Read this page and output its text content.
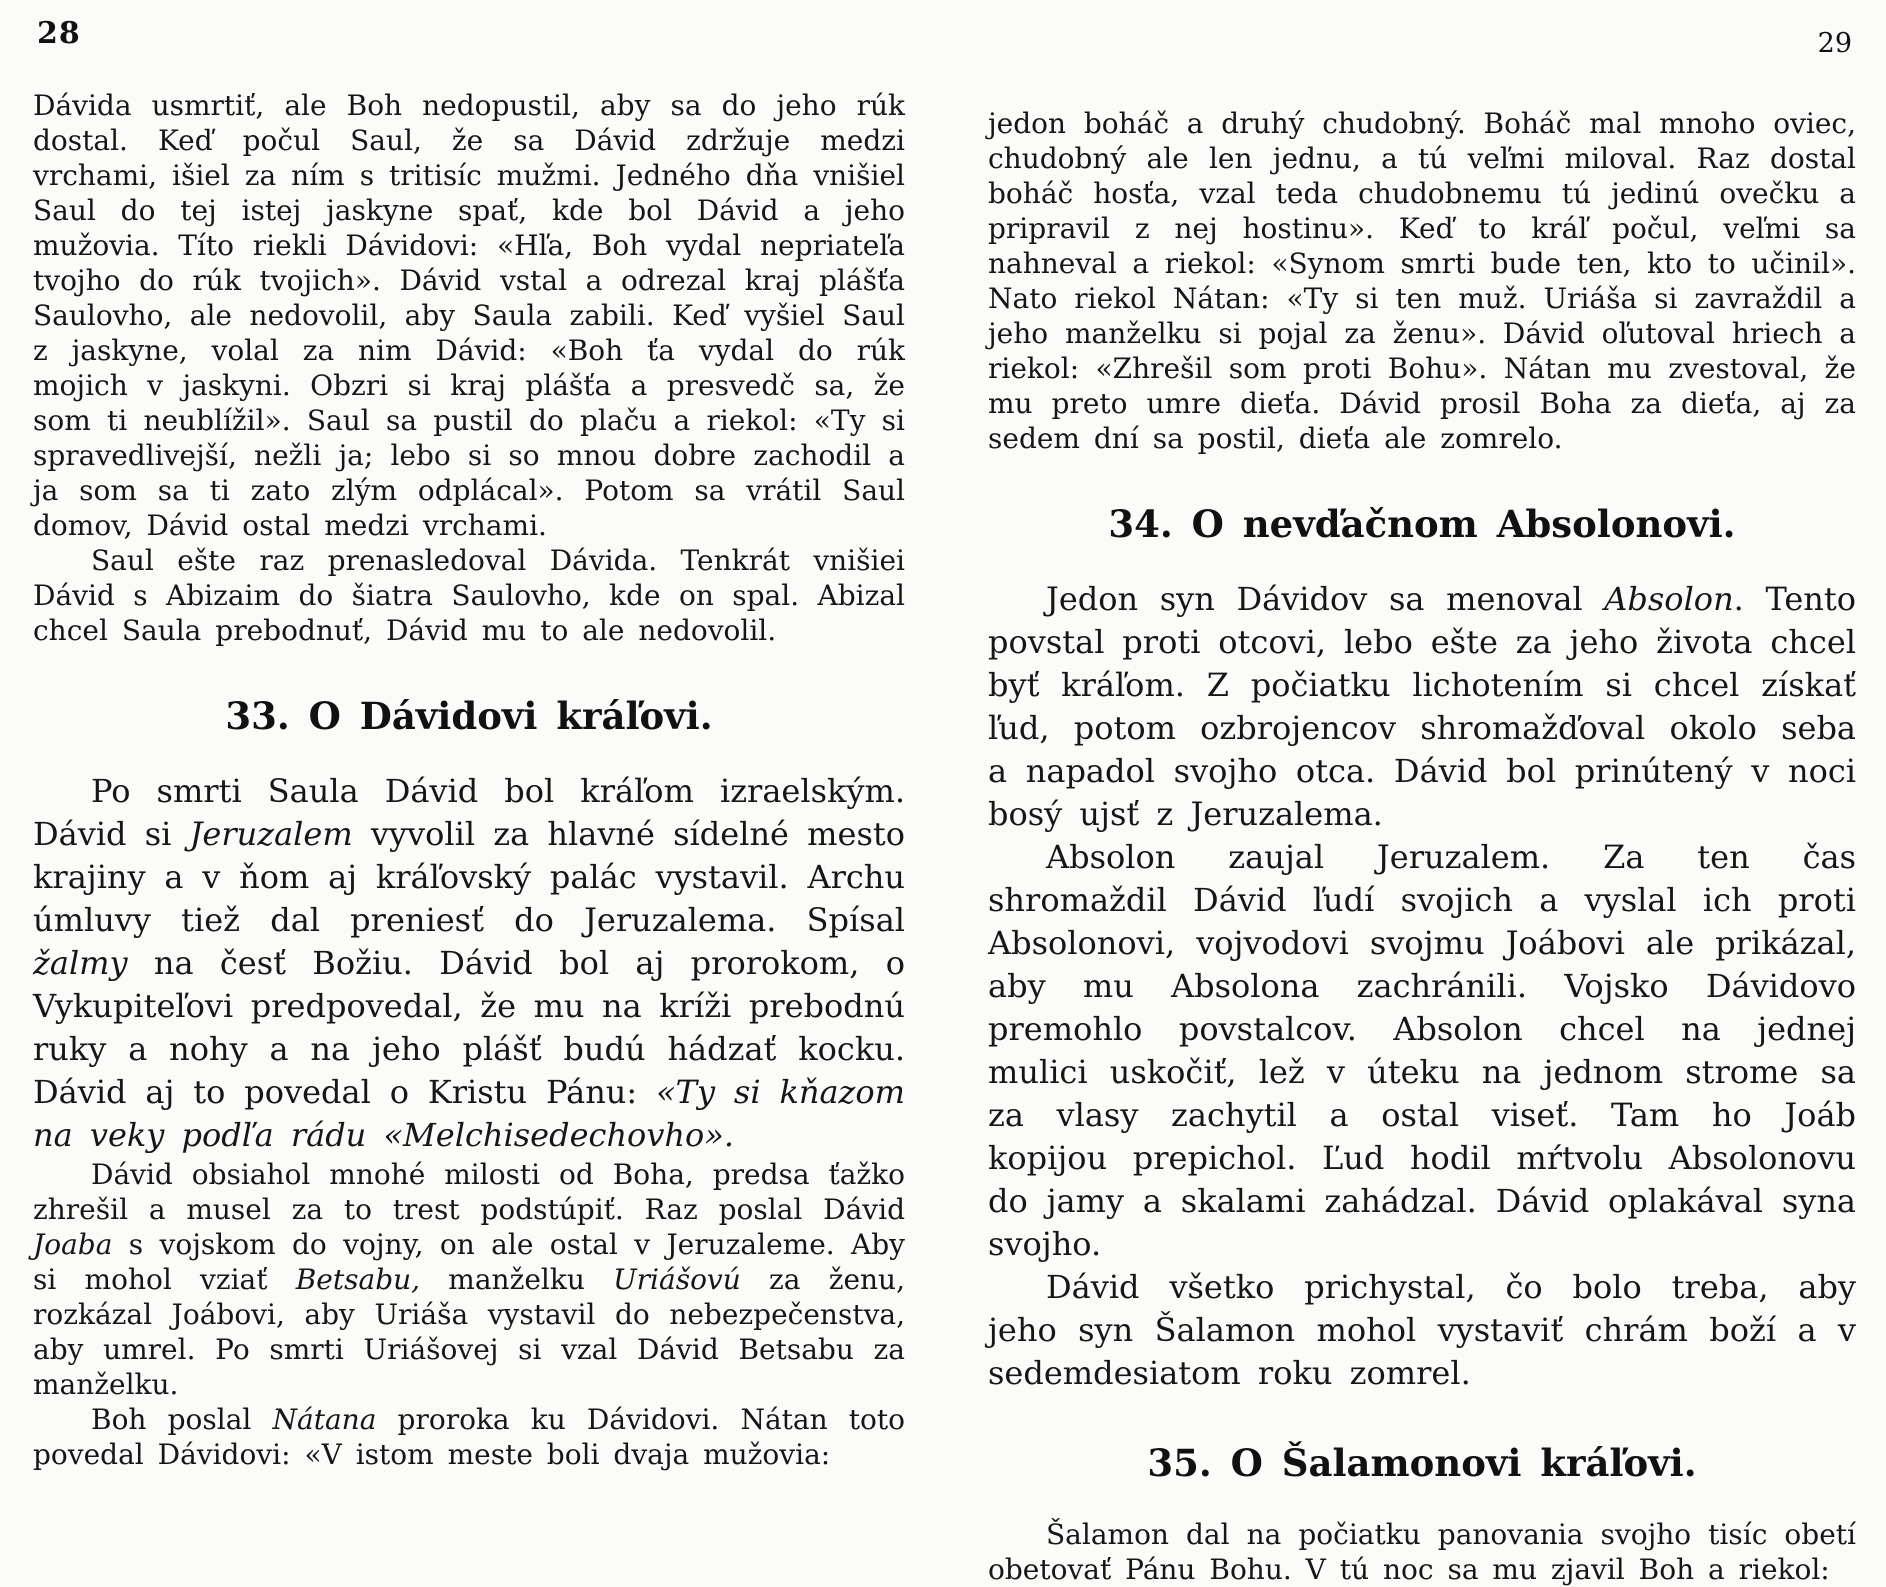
28

Dávida usmrtiť, ale Boh nedopustil, aby sa do jeho rúk dostal. Keď počul Saul, že sa Dávid zdržuje medzi vrchami, išiel za ním s tritisíc mužmi. Jedného dňa vnišiel Saul do tej istej jaskyne spať, kde bol Dávid a jeho mužovia. Títo riekli Dávidovi: «Hľa, Boh vydal nepriateľa tvojho do rúk tvojich». Dávid vstal a odrezal kraj plášťa Saulovho, ale nedovolil, aby Saula zabili. Keď vyšiel Saul z jaskyne, volal za nim Dávid: «Boh ťa vydal do rúk mojich v jaskyni. Obzri si kraj plášťa a presvedč sa, že som ti neublížil». Saul sa pustil do plaču a riekol: «Ty si spravedlivejší, nežli ja; lebo si so mnou dobre zachodil a ja som sa ti zato zlým odplácal». Potom sa vrátil Saul domov, Dávid ostal medzi vrchami.

Saul ešte raz prenasledoval Dávida. Tenkrát vnišiei Dávid s Abizaim do šiatra Saulovho, kde on spal. Abizal chcel Saula prebodnuť, Dávid mu to ale nedovolil.

33. O Dávidovi kráľovi.

Po smrti Saula Dávid bol kráľom izraelským. Dávid si Jeruzalem vyvolil za hlavné sídelné mesto krajiny a v ňom aj kráľovský palác vystavil. Archu úmluvy tiež dal preniesť do Jeruzalema. Spísal žalmy na česť Božiu. Dávid bol aj prorokom, o Vykupiteľovi predpovedal, že mu na kríži prebodnú ruky a nohy a na jeho plášť budú hádzať kocku. Dávid aj to povedal o Kristu Pánu: «Ty si kňazom na veky podľa rádu «Melchisedechovho».

Dávid obsiahol mnohé milosti od Boha, predsa ťažko zhrešil a musel za to trest podstúpiť. Raz poslal Dávid Joaba s vojskom do vojny, on ale ostal v Jeruzaleme. Aby si mohol vziať Betsabu, manželku Uriášovú za ženu, rozkázal Joábovi, aby Uriáša vystavil do nebezpečenstva, aby umrel. Po smrti Uriášovej si vzal Dávid Betsabu za manželku.

Boh poslal Nátana proroka ku Dávidovi. Nátan toto povedal Dávidovi: «V istom meste boli dvaja mužovia:

29

jedon boháč a druhý chudobný. Boháč mal mnoho oviec, chudobný ale len jednu, a tú veľmi miloval. Raz dostal boháč hosťa, vzal teda chudobnemu tú jedinú ovečku a pripravil z nej hostinu». Keď to kráľ počul, veľmi sa nahneval a riekol: «Synom smrti bude ten, kto to učinil». Nato riekol Nátan: «Ty si ten muž. Uriáša si zavraždil a jeho manželku si pojal za ženu». Dávid oľutoval hriech a riekol: «Zhrešil som proti Bohu». Nátan mu zvestoval, že mu preto umre dieťa. Dávid prosil Boha za dieťa, aj za sedem dní sa postil, dieťa ale zomrelo.

34. O nevďačnom Absolonovi.

Jedon syn Dávidov sa menoval Absolon. Tento povstal proti otcovi, lebo ešte za jeho života chcel byť kráľom. Z počiatku lichotením si chcel získať ľud, potom ozbrojencov shromažďoval okolo seba a napadol svojho otca. Dávid bol prinútený v noci bosý ujsť z Jeruzalema.

Absolon zaujal Jeruzalem. Za ten čas shromaždil Dávid ľudí svojich a vyslal ich proti Absolonovi, vojvodovi svojmu Joábovi ale prikázal, aby mu Absolona zachránili. Vojsko Dávidovo premohlo povstalcov. Absolon chcel na jednej mulici uskočiť, lež v úteku na jednom strome sa za vlasy zachytil a ostal viseť. Tam ho Joáb kopijou prepichol. Ľud hodil mŕtvolu Absolonovu do jamy a skalami zahádzal. Dávid oplakával syna svojho.

Dávid všetko prichystal, čo bolo treba, aby jeho syn Šalamon mohol vystaviť chrám boží a v sedemdesiatom roku zomrel.

35. O Šalamonovi kráľovi.

Šalamon dal na počiatku panovania svojho tisíc obetí obetovať Pánu Bohu. V tú noc sa mu zjavil Boh a riekol:
